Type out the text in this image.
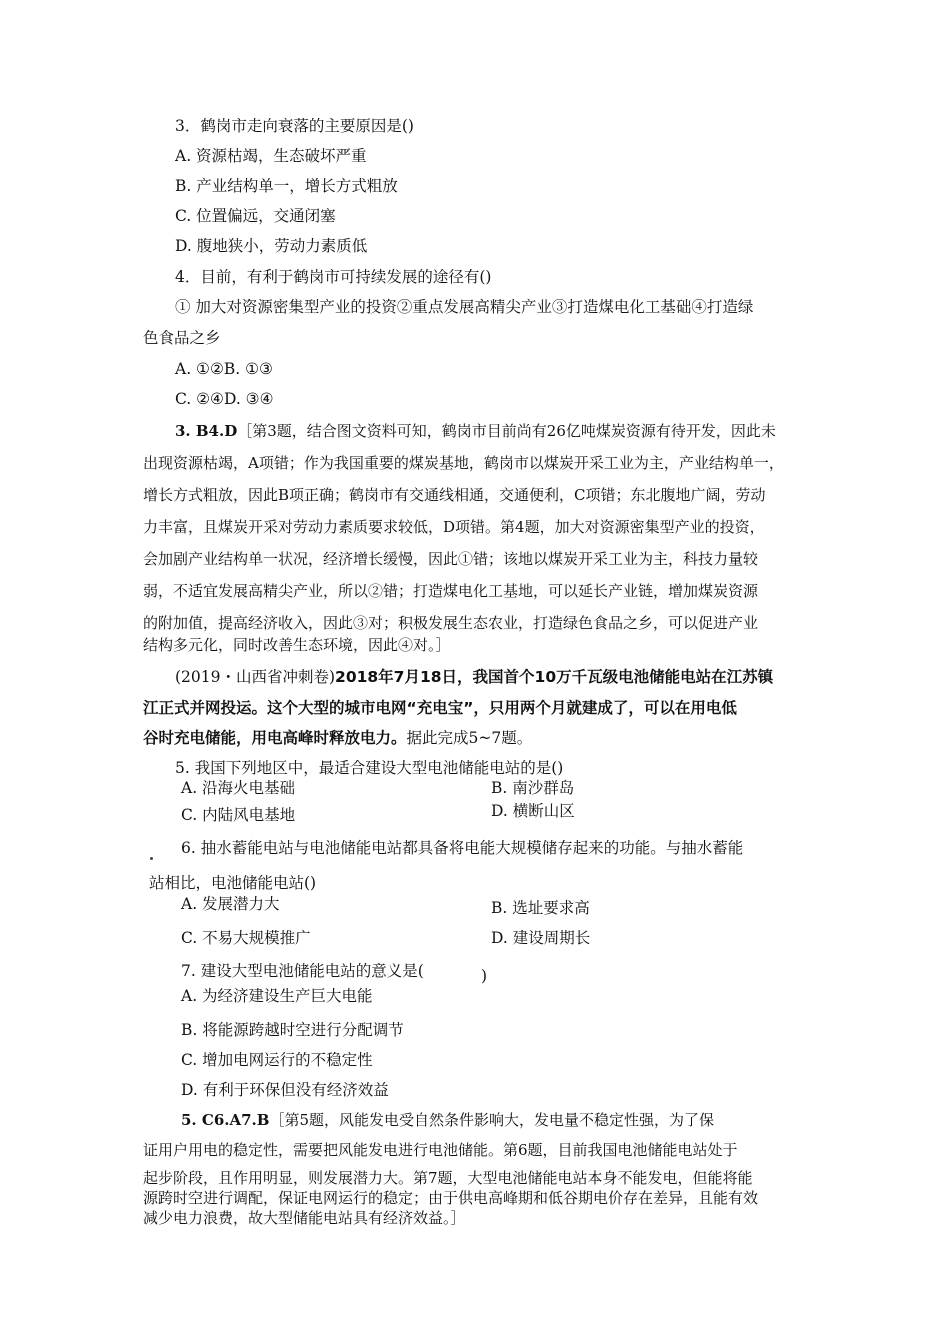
3．鹤岗市走向衰落的主要原因是()
A. 资源枯竭，生态破坏严重
B. 产业结构单一，增长方式粗放
C. 位置偏远，交通闭塞
D. 腹地狭小，劳动力素质低
4．目前，有利于鹤岗市可持续发展的途径有()
① 加大对资源密集型产业的投资②重点发展高精尖产业③打造煤电化工基础④打造绿
色食品之乡
A. ①②B. ①③
C. ②④D. ③④
3. B4.D［第3题，结合图文资料可知，鹤岗市目前尚有26亿吨煤炭资源有待开发，因此未
出现资源枯竭，A项错；作为我国重要的煤炭基地，鹤岗市以煤炭开采工业为主，产业结构单一，
增长方式粗放，因此B项正确；鹤岗市有交通线相通，交通便利，C项错；东北腹地广阔，劳动
力丰富，且煤炭开采对劳动力素质要求较低，D项错。第4题，加大对资源密集型产业的投资，
会加剧产业结构单一状况，经济增长缓慢，因此①错；该地以煤炭开采工业为主，科技力量较
弱，不适宜发展高精尖产业，所以②错；打造煤电化工基地，可以延长产业链，增加煤炭资源
的附加值，提高经济收入，因此③对；积极发展生态农业，打造绿色食品之乡，可以促进产业
结构多元化，同时改善生态环境，因此④对。］
(2019・山西省冲刺卷)2018年7月18日，我国首个10万千瓦级电池储能电站在江苏镇
江正式并网投运。这个大型的城市电网“充电宝”，只用两个月就建成了，可以在用电低
谷时充电储能，用电高峰时释放电力。据此完成5~7题。
5. 我国下列地区中，最适合建设大型电池储能电站的是()
A. 沿海火电基础	B. 南沙群岛
C. 内陆风电基地	D. 横断山区
6. 抽水蓄能电站与电池储能电站都具备将电能大规模储存起来的功能。与抽水蓄能
站相比，电池储能电站()
A. 发展潜力大	B. 选址要求高
C. 不易大规模推广	D. 建设周期长
7. 建设大型电池储能电站的意义是(	)
A. 为经济建设生产巨大电能
B. 将能源跨越时空进行分配调节
C. 增加电网运行的不稳定性
D. 有利于环保但没有经济效益
5. C6.A7.B［第5题，风能发电受自然条件影响大，发电量不稳定性强，为了保
证用户用电的稳定性，需要把风能发电进行电池储能。第6题，目前我国电池储能电站处于
起步阶段，且作用明显，则发展潜力大。第7题，大型电池储能电站本身不能发电，但能将能
源跨时空进行调配，保证电网运行的稳定；由于供电高峰期和低谷期电价存在差异，且能有效
减少电力浪费，故大型储能电站具有经济效益。］
